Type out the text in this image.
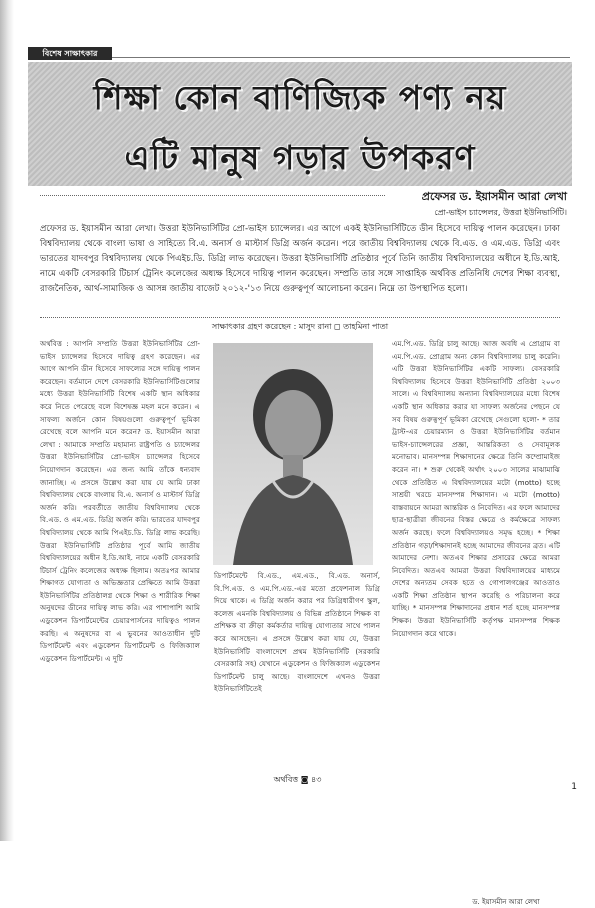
বিশেষ সাক্ষাৎকার
শিক্ষা কোন বাণিজ্যিক পণ্য নয়
এটি মানুষ গড়ার উপকরণ
প্রফেসর ড. ইয়াসমীন আরা লেখা
প্রো-ভাইস চ্যান্সেলর, উত্তরা ইউনিভার্সিটি।
প্রফেসর ড. ইয়াসমীন আরা লেখা। উত্তরা ইউনিভার্সিটির প্রো-ভাইস চ্যান্সেলর। এর আগে একই ইউনিভার্সিটিতে ডীন হিসেবে দায়িত্ব পালন করেছেন। ঢাকা বিশ্ববিদ্যালয় থেকে বাংলা ভাষা ও সাহিত্যে বি.এ. অনার্স ও মাস্টার্স ডিগ্রি অর্জন করেন। পরে জাতীয় বিশ্ববিদ্যালয় থেকে বি.এড. ও এম.এড. ডিগ্রি এবং ভারতের যাদবপুর বিশ্ববিদ্যালয় থেকে পিএইচ.ডি. ডিগ্রি লাভ করেছেন। উত্তরা ইউনিভার্সিটি প্রতিষ্ঠার পূর্বে তিনি জাতীয় বিশ্ববিদ্যালয়ের অধীনে ই.ডি.আই. নামে একটি বেসরকারি টিচার্স ট্রেনিং কলেজের অধ্যক্ষ হিসেবে দায়িত্ব পালন করেছেন। সম্প্রতি তার সঙ্গে সাপ্তাহিক অর্থবিত্ত প্রতিনিধি দেশের শিক্ষা ব্যবস্থা, রাজনৈতিক, আর্থ-সামাজিক ও আসন্ন জাতীয় বাজেট ২০১২-'১৩ নিয়ে গুরুত্বপূর্ণ আলোচনা করেন। নিম্নে তা উপস্থাপিত হলো।
সাক্ষাৎকার গ্রহণ করেছেন : মাসুদ রানা ◻ তাহমিনা পাতা
অর্থবিত্ত : আপনি সম্প্রতি উত্তরা ইউনিভার্সিটির প্রো-ভাইস চ্যান্সেলর হিসেবে দায়িত্ব গ্রহণ করেছেন। এর আগে আপনি ডীন হিসেবে সাফল্যের সঙ্গে দায়িত্ব পালন করেছেন। বর্তমানে দেশে বেসরকারি ইউনিভার্সিটিগুলোর মধ্যে উত্তরা ইউনিভার্সিটি বিশেষ একটি স্থান অধিকার করে নিতে পেরেছে বলে বিশেষজ্ঞ মহল মনে করেন। এ সাফল্য অর্জনে কোন বিষয়গুলো গুরুত্বপূর্ণ ভূমিকা রেখেছে বলে আপনি মনে করেন? ড. ইয়াসমীন আরা লেখা : আমাকে সম্প্রতি মহামান্য রাষ্ট্রপতি ও চ্যান্সেলর উত্তরা ইউনিভার্সিটির প্রো-ভাইস চ্যান্সেলর হিসেবে নিয়োগদান করেছেন। এর জন্য আমি তাঁকে ধন্যবাদ জানাচ্ছি। এ প্রসঙ্গে উল্লেখ করা যায় যে আমি ঢাকা বিশ্ববিদ্যালয় থেকে বাংলায় বি.এ. অনার্স ও মাস্টার্স ডিগ্রি অর্জন করি। পরবর্তীতে জাতীয় বিশ্ববিদ্যালয় থেকে বি.এড. ও এম.এড. ডিগ্রি অর্জন করি। ভারতের যাদবপুর বিশ্ববিদ্যালয় থেকে আমি পিএইচ.ডি. ডিগ্রি লাভ করেছি। উত্তরা ইউনিভার্সিটি প্রতিষ্ঠার পূর্বে আমি জাতীয় বিশ্ববিদ্যালয়ের অধীন ই.ডি.আই. নামে একটি বেসরকারি টিচার্স ট্রেনিং কলেজের অধ্যক্ষ ছিলাম। অতঃপর আমার শিক্ষাগত যোগ্যতা ও অভিজ্ঞতার প্রেক্ষিতে আমি উত্তরা ইউনিভার্সিটির প্রতিষ্ঠালগ্ন থেকে শিক্ষা ও শারীরিক শিক্ষা অনুষদের ডীনের দায়িত্ব লাভ করি। এর পাশাপাশি আমি এডুকেশন ডিপার্টমেন্টের চেয়ারপার্সনের দায়িত্বও পালন করছি। এ অনুষদের বা এ ভুবনের আওতাধীন দুটি ডিপার্টমেন্ট এবং এডুকেশন ডিপার্টমেন্ট ও ফিজিক্যাল এডুকেশন ডিপার্টমেন্ট। এ দুটি
ড. ইয়াসমীন আরা লেখা
ডিপার্টমেন্টে বি.এড., এম.এড., বি.এড. অনার্স, বি.পি.এড. ও এম.পি.এড.-এর মতো প্রফেশনাল ডিগ্রি দিয়ে থাকে। এ ডিগ্রি অর্জন করার পর ডিগ্রিধারীগণ স্কুল, কলেজ এমনকি বিশ্ববিদ্যালয় ও বিভিন্ন প্রতিষ্ঠানে শিক্ষক বা প্রশিক্ষক বা ক্রীড়া কর্মকর্তার দায়িত্ব যোগ্যতার সাথে পালন করে আসছেন। এ প্রসঙ্গে উল্লেখ করা যায় যে, উত্তরা ইউনিভার্সিটি বাংলাদেশে প্রথম ইউনিভার্সিটি (সরকারি বেসরকারি সহ) যেখানে এডুকেশন ও ফিজিক্যাল এডুকেশন ডিপার্টমেন্ট চালু আছে। বাংলাদেশে এখনও উত্তরা ইউনিভার্সিটিতেই
এম.পি.এড. ডিগ্রি চালু আছে। আজ অবধি এ প্রোগ্রাম বা এম.পি.এড. প্রোগ্রাম অন্য কোন বিশ্ববিদ্যালয় চালু করেনি। এটি উত্তরা ইউনিভার্সিটির একটি সাফল্য। বেসরকারি বিশ্ববিদ্যালয় হিসেবে উত্তরা ইউনিভার্সিটি প্রতিষ্ঠা ২০০৩ সালে। এ বিশ্ববিদ্যালয় অন্যান্য বিশ্ববিদ্যালয়ের মধ্যে বিশেষ একটি স্থান অধিকার করার যা সাফল্য অর্জনের পেছনে যে সব বিষয় গুরুত্বপূর্ণ ভূমিকা রেখেছে সেগুলো হলো- * তার ট্রাস্ট-এর চেয়ারম্যান ও উত্তরা ইউনিভার্সিটির বর্তমান ভাইস-চ্যান্সেলরের প্রজ্ঞা, আন্তরিকতা ও সেবামূলক মনোভাব। মানসম্পন্ন শিক্ষাদানের ক্ষেত্রে তিনি কম্প্রোমাইজ করেন না। * শুরু থেকেই অর্থাৎ ২০০৩ সালের মাঝামাঝি থেকে প্রতিষ্ঠিত এ বিশ্ববিদ্যালয়ের মটো (motto) হচ্ছে সাশ্রয়ী খরচে মানসম্পন্ন শিক্ষাদান। এ মটো (motto) বাস্তবায়নে আমরা আন্তরিক ও নিবেদিত। এর ফলে আমাদের ছাত্র-ছাত্রীরা জীবনের বিস্তর ক্ষেত্রে ও কর্মক্ষেত্রে সাফল্য অর্জন করছে। ফলে বিশ্ববিদ্যালয়ও সমৃদ্ধ হচ্ছে। * শিক্ষা প্রতিষ্ঠান গড়া/শিক্ষাদানই হচ্ছে আমাদের জীবনের ব্রত। এটি আমাদের নেশা। অতএব শিক্ষার প্রসারের ক্ষেত্রে আমরা নিবেদিত। অতএব আমরা উত্তরা বিশ্ববিদ্যালয়ের মাধ্যমে দেশের অন্যতম সেবক হতে ও গোপালগঞ্জের আওতাও একটি শিক্ষা প্রতিষ্ঠান স্থাপন করেছি ও পরিচালনা করে যাচ্ছি। * মানসম্পন্ন শিক্ষাদানের প্রধান শর্ত হচ্ছে মানসম্পন্ন শিক্ষক। উত্তরা ইউনিভার্সিটি কর্তৃপক্ষ মানসম্পন্ন শিক্ষক নিয়োগদান করে থাকে।
অর্থবিত্ত ◙ ৪৩
1
